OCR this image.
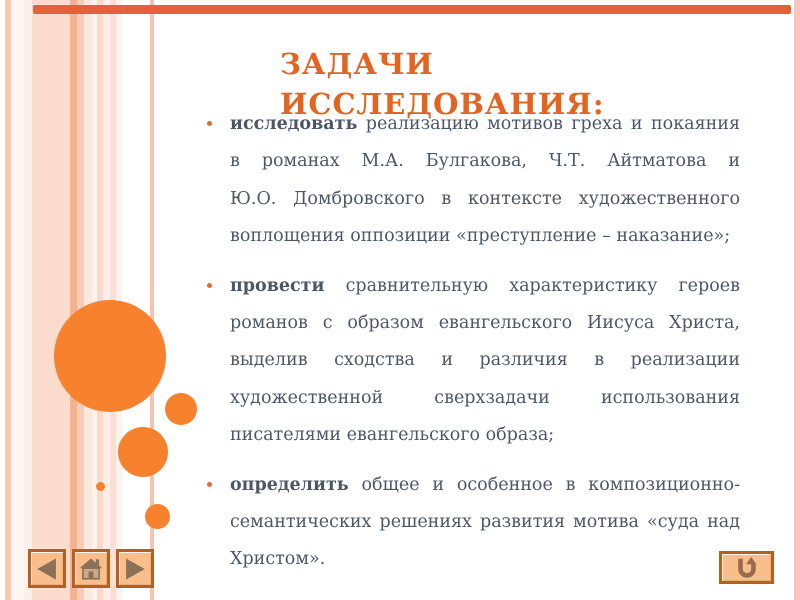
ЗАДАЧИ
ИССЛЕДОВАНИЯ:
исследовать реализацию мотивов греха и покаяния в романах М.А. Булгакова, Ч.Т. Айтматова и Ю.О. Домбровского в контексте художественного воплощения оппозиции «преступление – наказание»;
провести сравнительную характеристику героев романов с образом евангельского Иисуса Христа, выделив сходства и различия в реализации художественной сверхзадачи использования писателями евангельского образа;
определить общее и особенное в композиционно-семантических решениях развития мотива «суда над Христом».
